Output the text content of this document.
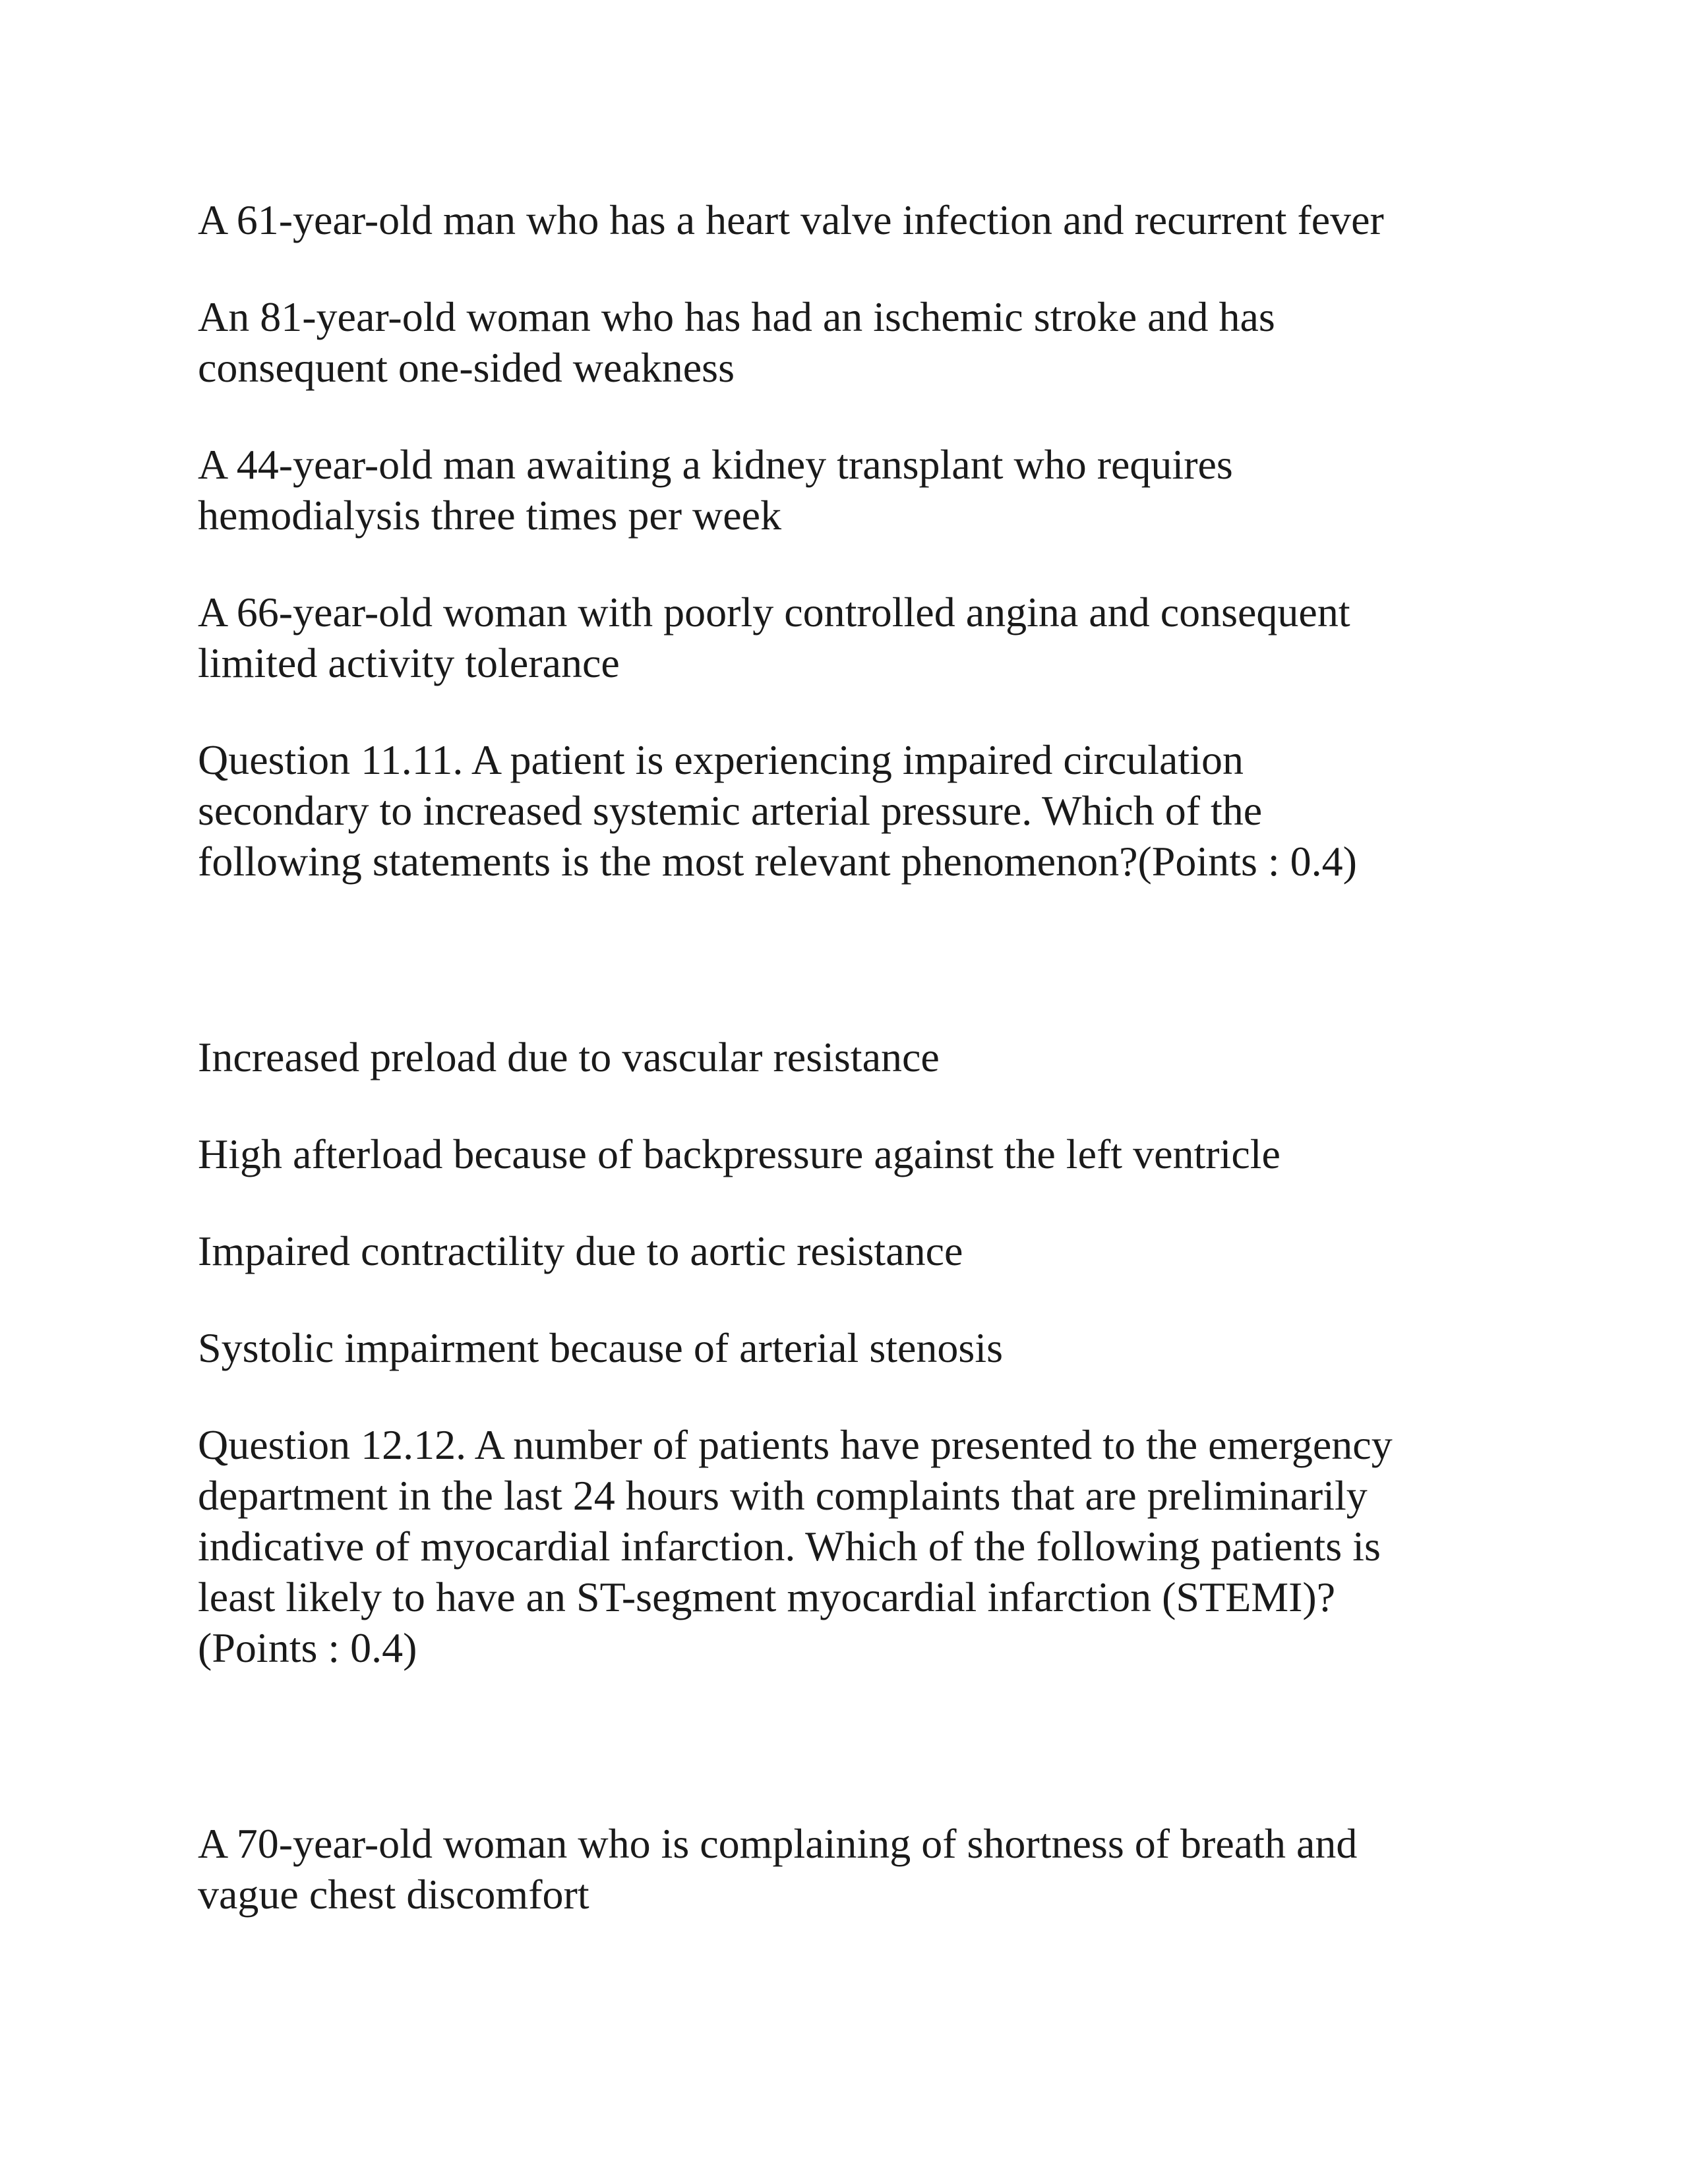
A 61-year-old man who has a heart valve infection and recurrent fever

An 81-year-old woman who has had an ischemic stroke and has
consequent one-sided weakness

A 44-year-old man awaiting a kidney transplant who requires
hemodialysis three times per week

A 66-year-old woman with poorly controlled angina and consequent
limited activity tolerance

Question 11.11. A patient is experiencing impaired circulation
secondary to increased systemic arterial pressure. Which of the
following statements is the most relevant phenomenon?(Points : 0.4)

Increased preload due to vascular resistance

High afterload because of backpressure against the left ventricle

Impaired contractility due to aortic resistance

Systolic impairment because of arterial stenosis

Question 12.12. A number of patients have presented to the emergency
department in the last 24 hours with complaints that are preliminarily
indicative of myocardial infarction. Which of the following patients is
least likely to have an ST-segment myocardial infarction (STEMI)?
(Points : 0.4)

A 70-year-old woman who is complaining of shortness of breath and
vague chest discomfort
